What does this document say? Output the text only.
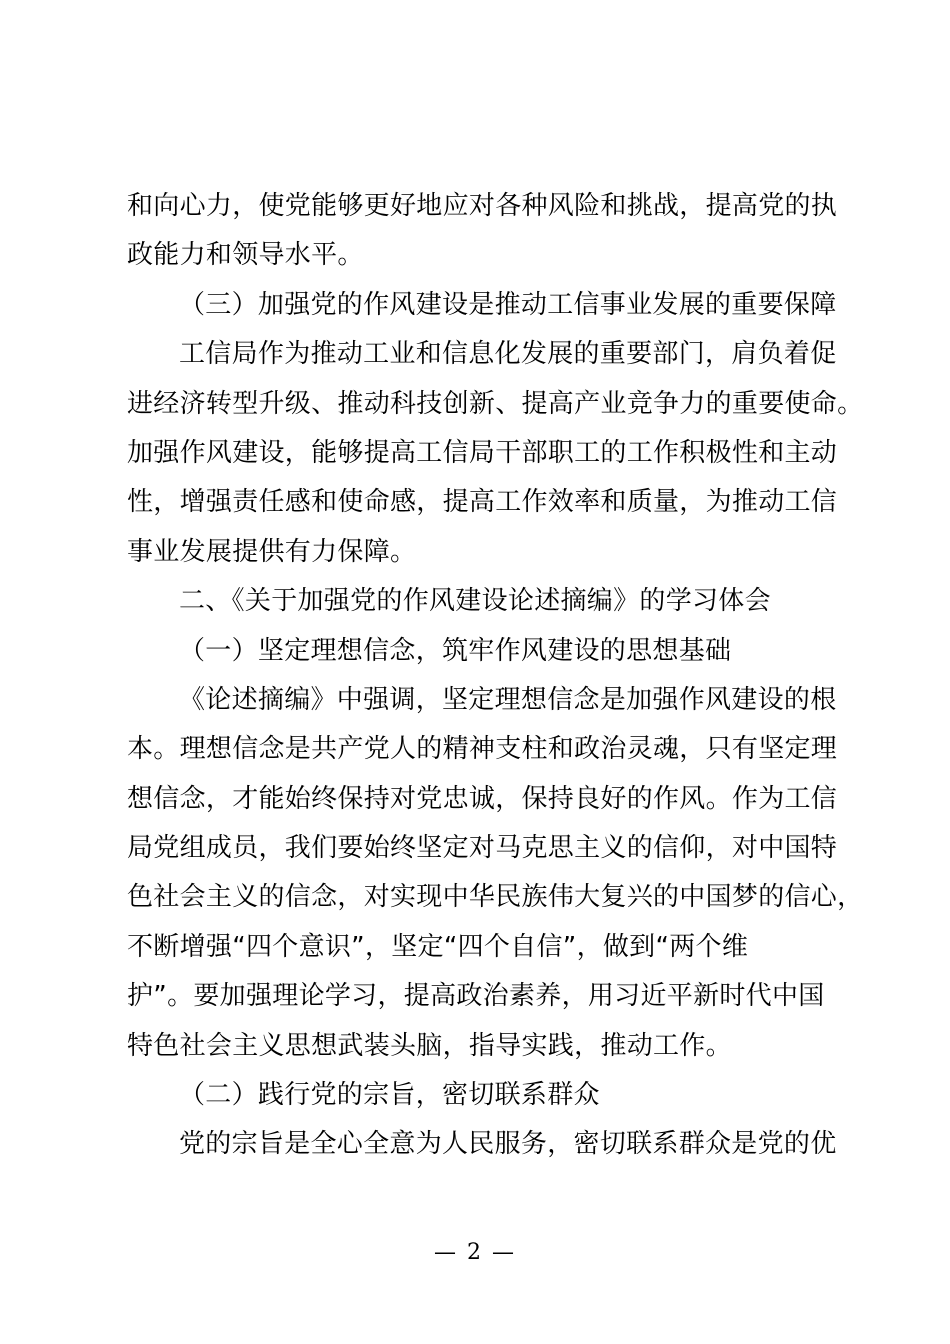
和向心力，使党能够更好地应对各种风险和挑战，提高党的执
政能力和领导水平。
（三）加强党的作风建设是推动工信事业发展的重要保障
工信局作为推动工业和信息化发展的重要部门，肩负着促
进经济转型升级、推动科技创新、提高产业竞争力的重要使命。
加强作风建设，能够提高工信局干部职工的工作积极性和主动
性，增强责任感和使命感，提高工作效率和质量，为推动工信
事业发展提供有力保障。
二、《关于加强党的作风建设论述摘编》的学习体会
（一）坚定理想信念，筑牢作风建设的思想基础
《论述摘编》中强调，坚定理想信念是加强作风建设的根
本。理想信念是共产党人的精神支柱和政治灵魂，只有坚定理
想信念，才能始终保持对党忠诚，保持良好的作风。作为工信
局党组成员，我们要始终坚定对马克思主义的信仰，对中国特
色社会主义的信念，对实现中华民族伟大复兴的中国梦的信心，
不断增强“四个意识”，坚定“四个自信”，做到“两个维
护”。要加强理论学习，提高政治素养，用习近平新时代中国
特色社会主义思想武装头脑，指导实践，推动工作。
（二）践行党的宗旨，密切联系群众
党的宗旨是全心全意为人民服务，密切联系群众是党的优
— 2 —
